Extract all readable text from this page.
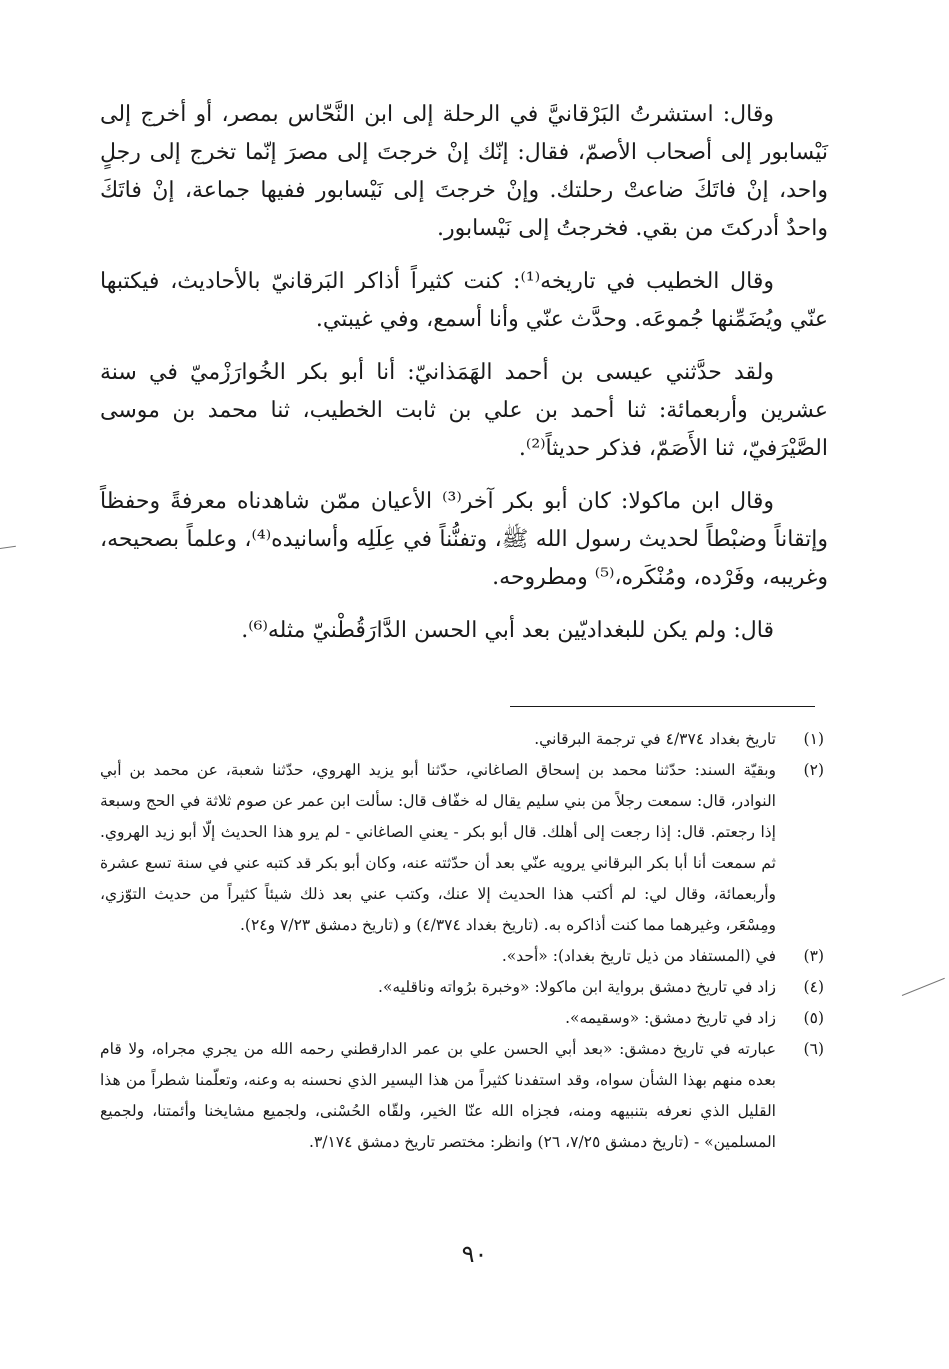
وقال: استشرتُ البَرْقانيَّ في الرحلة إلى ابن النَّحّاس بمصر، أو أخرج إلى نَيْسابور إلى أصحاب الأصمّ، فقال: إنّك إنْ خرجتَ إلى مصرَ إنّما تخرج إلى رجلٍ واحد، إنْ فاتَكَ ضاعتْ رحلتك. وإنْ خرجتَ إلى نَيْسابور ففيها جماعة، إنْ فاتَكَ واحدٌ أدركتَ من بقي. فخرجتُ إلى نَيْسابور.

وقال الخطيب في تاريخه⁽¹⁾: كنت كثيراً أذاكر البَرقانيّ بالأحاديث، فيكتبها عنّي ويُضَمِّنها جُموعَه. وحدَّث عنّي وأنا أسمع، وفي غيبتي.

ولقد حدَّثني عيسى بن أحمد الهَمَذانيّ: أنا أبو بكر الخُوارَزْميّ في سنة عشرين وأربعمائة: ثنا أحمد بن علي بن ثابت الخطيب، ثنا محمد بن موسى الصَّيْرَفيّ، ثنا الأَصَمّ، فذكر حديثاً⁽²⁾.

وقال ابن ماكولا: كان أبو بكر آخر⁽³⁾ الأعيان ممّن شاهدناه معرفةً وحفظاً وإتقاناً وضبْطاً لحديث رسول الله ﷺ، وتفنُّناً في عِلَلِه وأسانيده⁽⁴⁾، وعلماً بصحيحه، وغريبه، وفَرْده، ومُنْكَره،⁽⁵⁾ ومطروحه.

قال: ولم يكن للبغداديّين بعد أبي الحسن الدَّارَقُطْنيّ مثله⁽⁶⁾.

(١)
تاريخ بغداد ٤/٣٧٤ في ترجمة البرقاني.
(٢)
وبقيّة السند: حدّثنا محمد بن إسحاق الصاغاني، حدّثنا أبو يزيد الهروي، حدّثنا شعبة، عن محمد بن أبي النوادر، قال: سمعت رجلاً من بني سليم يقال له خفّاف قال: سألت ابن عمر عن صوم ثلاثة في الحج وسبعة إذا رجعتم. قال: إذا رجعت إلى أهلك. قال أبو بكر - يعني الصاغاني - لم يرو هذا الحديث إلّا أبو زيد الهروي. ثم سمعت أنا أبا بكر البرقاني يرويه عنّي بعد أن حدّثته عنه، وكان أبو بكر قد كتبه عني في سنة تسع عشرة وأربعمائة، وقال لي: لم أكتب هذا الحديث إلا عنك، وكتب عني بعد ذلك شيئاً كثيراً من حديث التوّزي، ومِسْعَر، وغيرهما مما كنت أذاكره به. (تاريخ بغداد ٤/٣٧٤) و (تاريخ دمشق ٧/٢٣ و٢٤).
(٣)
في (المستفاد من ذيل تاريخ بغداد): «أحد».
(٤)
زاد في تاريخ دمشق برواية ابن ماكولا: «وخبرة برُواته وناقليه».
(٥)
زاد في تاريخ دمشق: «وسقيمه».
(٦)
عبارته في تاريخ دمشق: «بعد أبي الحسن علي بن عمر الدارقطني رحمه الله من يجري مجراه، ولا قام بعده منهم بهذا الشأن سواه، وقد استفدنا كثيراً من هذا اليسير الذي نحسنه به وعنه، وتعلّمنا شطراً من هذا القليل الذي نعرفه بتنبيهه ومنه، فجزاه الله عنّا الخير، ولقّاه الحُسْنى، ولجميع مشايخنا وأئمتنا، ولجميع المسلمين» - (تاريخ دمشق ٧/٢٥، ٢٦) وانظر: مختصر تاريخ دمشق ٣/١٧٤.
٩٠
